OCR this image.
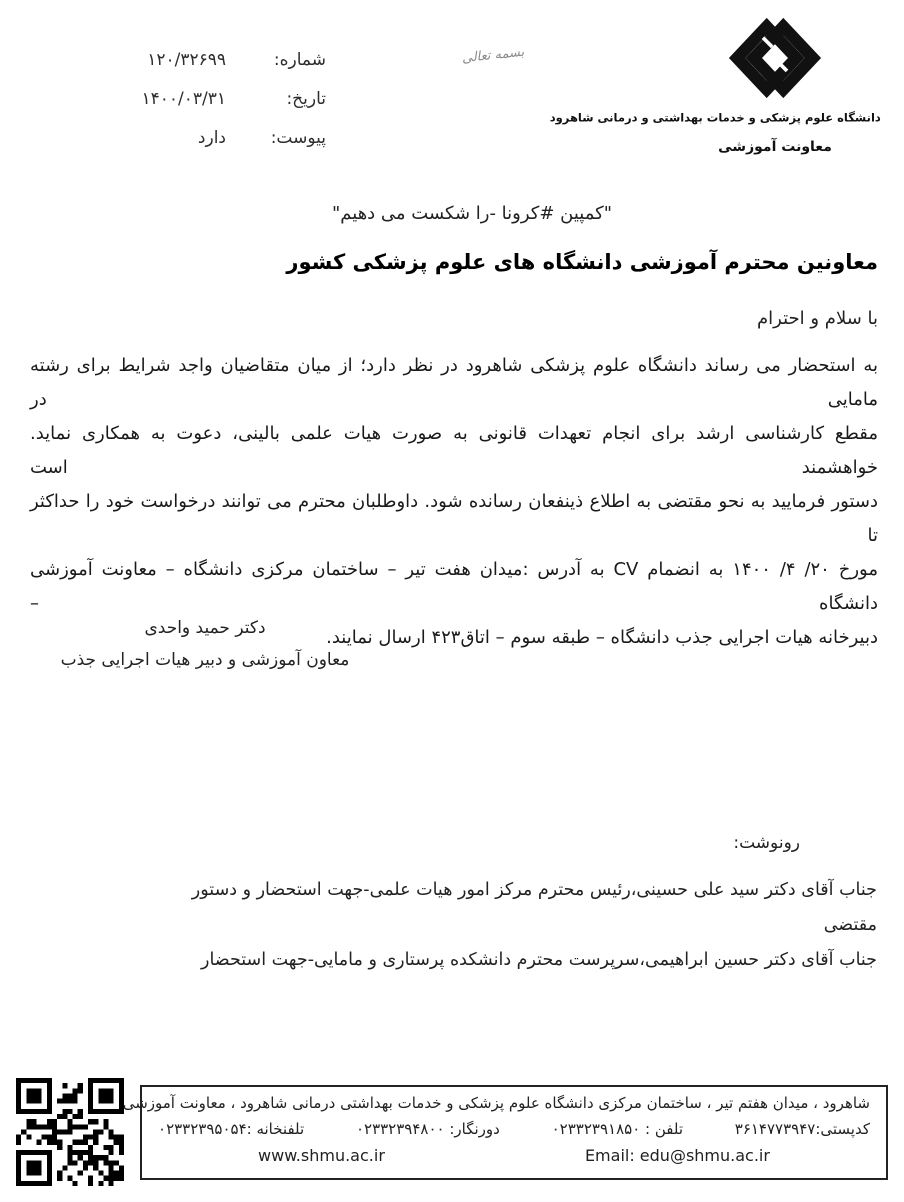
شماره:
۱۲۰/۳۲۶۹۹
تاریخ:
۱۴۰۰/۰۳/۳۱
پیوست:
دارد
بسمه تعالی
دانشگاه علوم پزشکی و خدمات بهداشتی و درمانی شاهرود
معاونت آموزشی
"کمپین #کرونا -را شکست می دهیم"
معاونین محترم آموزشی دانشگاه های علوم پزشکی کشور
با سلام و احترام
به استحضار می رساند دانشگاه علوم پزشکی شاهرود در نظر دارد؛ از میان متقاضیان واجد شرایط برای رشته مامایی در
مقطع کارشناسی ارشد برای انجام تعهدات قانونی به صورت هیات علمی بالینی، دعوت به همکاری نماید. خواهشمند است
دستور فرمایید به نحو مقتضی به اطلاع ذینفعان رسانده شود. داوطلبان محترم می توانند درخواست خود را حداکثر تا
مورخ ۲۰/ ۴/ ۱۴۰۰ به انضمام CV به آدرس :میدان هفت تیر – ساختمان مرکزی دانشگاه – معاونت آموزشی دانشگاه –
دبیرخانه هیات اجرایی جذب دانشگاه – طبقه سوم – اتاق۴۲۳ ارسال نمایند.
دکتر حمید واحدی
معاون آموزشی و دبیر هیات اجرایی جذب
رونوشت:
جناب آقای دکتر سید علی حسینی،رئیس محترم مرکز امور هیات علمی-جهت استحضار و دستور
مقتضی
جناب آقای دکتر حسین ابراهیمی،سرپرست محترم دانشکده پرستاری و مامایی-جهت استحضار
شاهرود ، میدان هفتم تیر ، ساختمان مرکزی دانشگاه علوم پزشکی و خدمات بهداشتی درمانی شاهرود ، معاونت آموزشی
کدپستی:۳۶۱۴۷۷۳۹۴۷
تلفن : ۰۲۳۳۲۳۹۱۸۵۰
دورنگار: ۰۲۳۳۲۳۹۴۸۰۰
تلفنخانه :۰۲۳۳۲۳۹۵۰۵۴
www.shmu.ac.ir	Email: edu@shmu.ac.ir
